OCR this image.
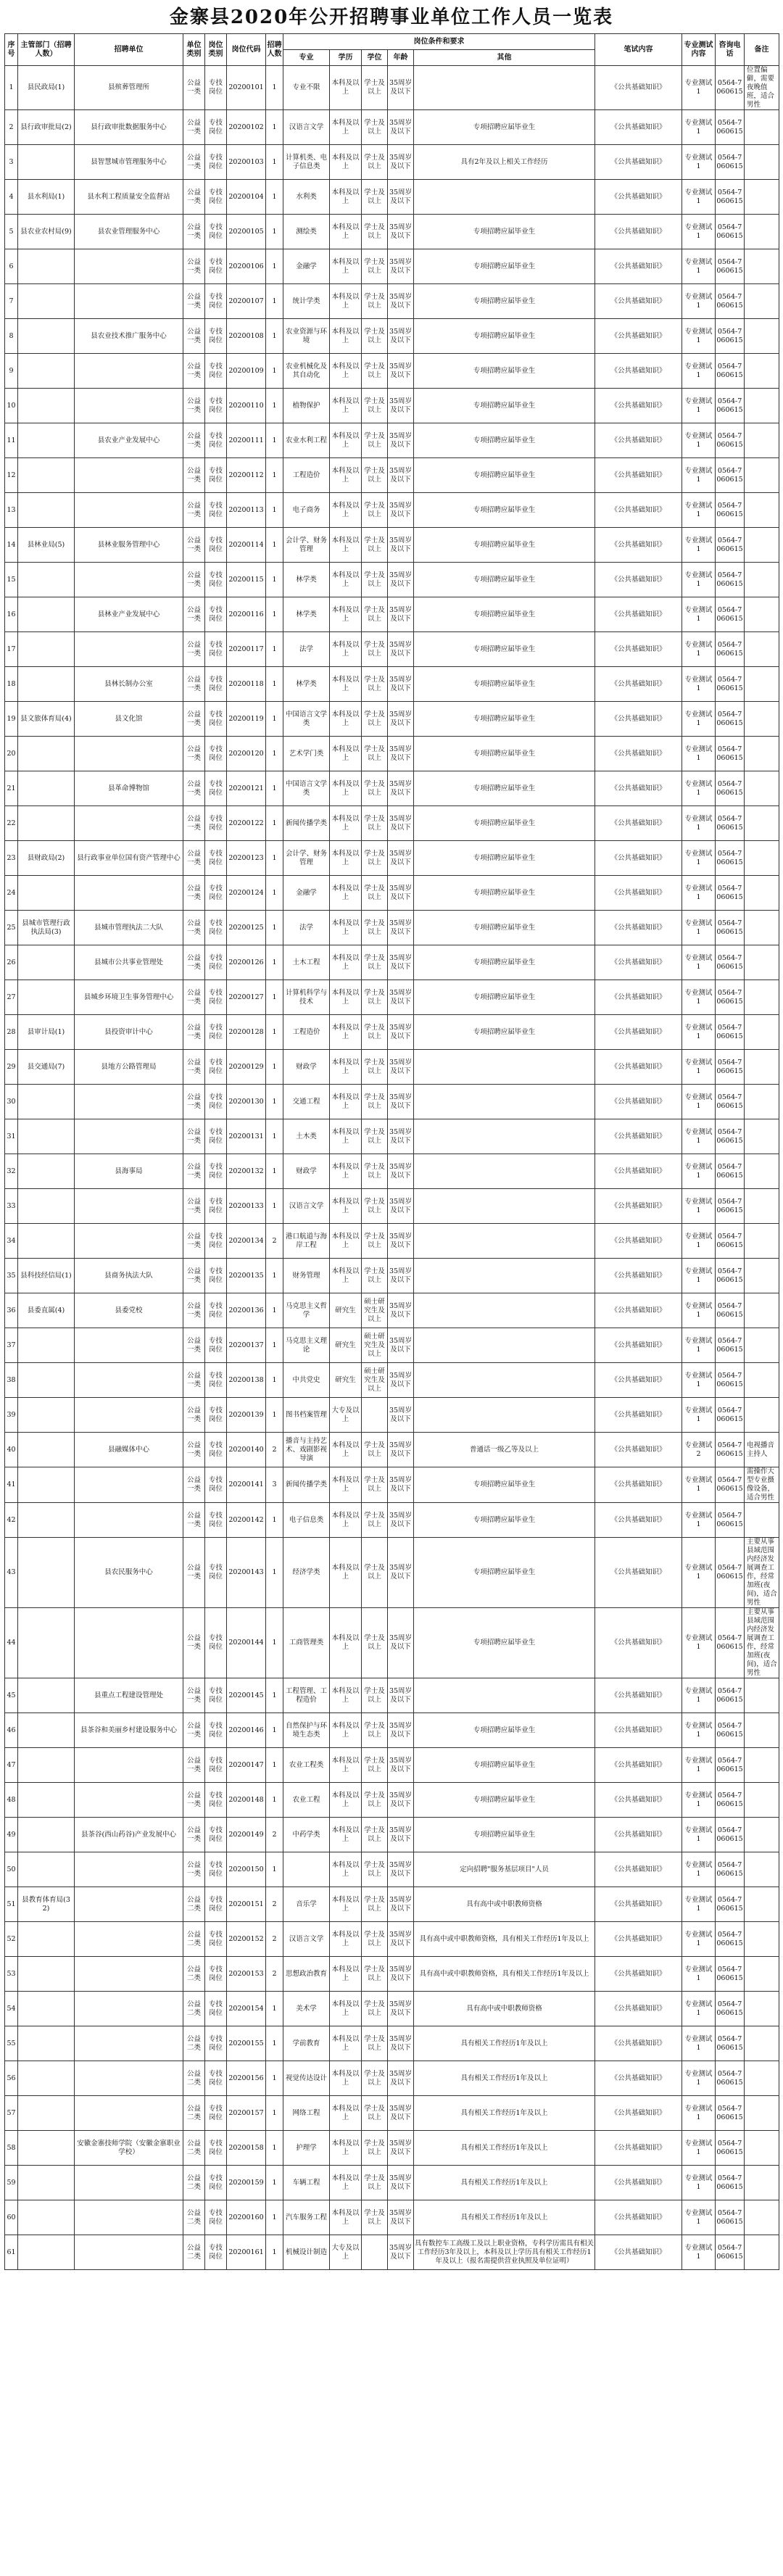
金寨县2020年公开招聘事业单位工作人员一览表
序号	主管部门（招聘人数）	招聘单位	单位类别	岗位类别	岗位代码	招聘人数	岗位条件和要求					笔试内容	专业测试内容	咨询电话	备注
							专业	学历	学位	年龄	其他				
1	县民政局(1)	县殡葬管理所	公益一类	专技岗位	20200101	1	专业不限	本科及以上	学士及以上	35周岁及以下		《公共基础知识》	专业测试1	0564-7060615	位置偏僻，需要夜晚值班，适合男性
2	县行政审批局(2)	县行政审批数据服务中心	公益一类	专技岗位	20200102	1	汉语言文学	本科及以上	学士及以上	35周岁及以下	专项招聘应届毕业生	《公共基础知识》	专业测试1	0564-7060615	
3		县智慧城市管理服务中心	公益一类	专技岗位	20200103	1	计算机类、电子信息类	本科及以上	学士及以上	35周岁及以下	具有2年及以上相关工作经历	《公共基础知识》	专业测试1	0564-7060615	
4	县水利局(1)	县水利工程质量安全监督站	公益一类	专技岗位	20200104	1	水利类	本科及以上	学士及以上	35周岁及以下		《公共基础知识》	专业测试1	0564-7060615	
5	县农业农村局(9)	县农业管理服务中心	公益一类	专技岗位	20200105	1	测绘类	本科及以上	学士及以上	35周岁及以下	专项招聘应届毕业生	《公共基础知识》	专业测试1	0564-7060615	
6			公益一类	专技岗位	20200106	1	金融学	本科及以上	学士及以上	35周岁及以下	专项招聘应届毕业生	《公共基础知识》	专业测试1	0564-7060615	
7			公益一类	专技岗位	20200107	1	统计学类	本科及以上	学士及以上	35周岁及以下	专项招聘应届毕业生	《公共基础知识》	专业测试1	0564-7060615	
8		县农业技术推广服务中心	公益一类	专技岗位	20200108	1	农业资源与环境	本科及以上	学士及以上	35周岁及以下	专项招聘应届毕业生	《公共基础知识》	专业测试1	0564-7060615	
9			公益一类	专技岗位	20200109	1	农业机械化及其自动化	本科及以上	学士及以上	35周岁及以下	专项招聘应届毕业生	《公共基础知识》	专业测试1	0564-7060615	
10			公益一类	专技岗位	20200110	1	植物保护	本科及以上	学士及以上	35周岁及以下	专项招聘应届毕业生	《公共基础知识》	专业测试1	0564-7060615	
11		县农业产业发展中心	公益一类	专技岗位	20200111	1	农业水利工程	本科及以上	学士及以上	35周岁及以下	专项招聘应届毕业生	《公共基础知识》	专业测试1	0564-7060615	
12			公益一类	专技岗位	20200112	1	工程造价	本科及以上	学士及以上	35周岁及以下	专项招聘应届毕业生	《公共基础知识》	专业测试1	0564-7060615	
13			公益一类	专技岗位	20200113	1	电子商务	本科及以上	学士及以上	35周岁及以下	专项招聘应届毕业生	《公共基础知识》	专业测试1	0564-7060615	
14	县林业局(5)	县林业服务管理中心	公益一类	专技岗位	20200114	1	会计学、财务管理	本科及以上	学士及以上	35周岁及以下	专项招聘应届毕业生	《公共基础知识》	专业测试1	0564-7060615	
15			公益一类	专技岗位	20200115	1	林学类	本科及以上	学士及以上	35周岁及以下	专项招聘应届毕业生	《公共基础知识》	专业测试1	0564-7060615	
16		县林业产业发展中心	公益一类	专技岗位	20200116	1	林学类	本科及以上	学士及以上	35周岁及以下	专项招聘应届毕业生	《公共基础知识》	专业测试1	0564-7060615	
17			公益一类	专技岗位	20200117	1	法学	本科及以上	学士及以上	35周岁及以下	专项招聘应届毕业生	《公共基础知识》	专业测试1	0564-7060615	
18		县林长制办公室	公益一类	专技岗位	20200118	1	林学类	本科及以上	学士及以上	35周岁及以下	专项招聘应届毕业生	《公共基础知识》	专业测试1	0564-7060615	
19	县文旅体育局(4)	县文化馆	公益一类	专技岗位	20200119	1	中国语言文学类	本科及以上	学士及以上	35周岁及以下	专项招聘应届毕业生	《公共基础知识》	专业测试1	0564-7060615	
20			公益一类	专技岗位	20200120	1	艺术学门类	本科及以上	学士及以上	35周岁及以下	专项招聘应届毕业生	《公共基础知识》	专业测试1	0564-7060615	
21		县革命博物馆	公益一类	专技岗位	20200121	1	中国语言文学类	本科及以上	学士及以上	35周岁及以下	专项招聘应届毕业生	《公共基础知识》	专业测试1	0564-7060615	
22			公益一类	专技岗位	20200122	1	新闻传播学类	本科及以上	学士及以上	35周岁及以下	专项招聘应届毕业生	《公共基础知识》	专业测试1	0564-7060615	
23	县财政局(2)	县行政事业单位国有资产管理中心	公益一类	专技岗位	20200123	1	会计学、财务管理	本科及以上	学士及以上	35周岁及以下	专项招聘应届毕业生	《公共基础知识》	专业测试1	0564-7060615	
24			公益一类	专技岗位	20200124	1	金融学	本科及以上	学士及以上	35周岁及以下	专项招聘应届毕业生	《公共基础知识》	专业测试1	0564-7060615	
25	县城市管理行政执法局(3)	县城市管理执法二大队	公益一类	专技岗位	20200125	1	法学	本科及以上	学士及以上	35周岁及以下	专项招聘应届毕业生	《公共基础知识》	专业测试1	0564-7060615	
26		县城市公共事业管理处	公益一类	专技岗位	20200126	1	土木工程	本科及以上	学士及以上	35周岁及以下	专项招聘应届毕业生	《公共基础知识》	专业测试1	0564-7060615	
27		县城乡环境卫生事务管理中心	公益一类	专技岗位	20200127	1	计算机科学与技术	本科及以上	学士及以上	35周岁及以下	专项招聘应届毕业生	《公共基础知识》	专业测试1	0564-7060615	
28	县审计局(1)	县投资审计中心	公益一类	专技岗位	20200128	1	工程造价	本科及以上	学士及以上	35周岁及以下	专项招聘应届毕业生	《公共基础知识》	专业测试1	0564-7060615	
29	县交通局(7)	县地方公路管理局	公益一类	专技岗位	20200129	1	财政学	本科及以上	学士及以上	35周岁及以下		《公共基础知识》	专业测试1	0564-7060615	
30			公益一类	专技岗位	20200130	1	交通工程	本科及以上	学士及以上	35周岁及以下		《公共基础知识》	专业测试1	0564-7060615	
31			公益一类	专技岗位	20200131	1	土木类	本科及以上	学士及以上	35周岁及以下		《公共基础知识》	专业测试1	0564-7060615	
32		县海事局	公益一类	专技岗位	20200132	1	财政学	本科及以上	学士及以上	35周岁及以下		《公共基础知识》	专业测试1	0564-7060615	
33			公益一类	专技岗位	20200133	1	汉语言文学	本科及以上	学士及以上	35周岁及以下		《公共基础知识》	专业测试1	0564-7060615	
34			公益一类	专技岗位	20200134	2	港口航道与海岸工程	本科及以上	学士及以上	35周岁及以下		《公共基础知识》	专业测试1	0564-7060615	
35	县科技经信局(1)	县商务执法大队	公益一类	专技岗位	20200135	1	财务管理	本科及以上	学士及以上	35周岁及以下		《公共基础知识》	专业测试1	0564-7060615	
36	县委直属(4)	县委党校	公益一类	专技岗位	20200136	1	马克思主义哲学	研究生	硕士研究生及以上	35周岁及以下		《公共基础知识》	专业测试1	0564-7060615	
37			公益一类	专技岗位	20200137	1	马克思主义理论	研究生	硕士研究生及以上	35周岁及以下		《公共基础知识》	专业测试1	0564-7060615	
38			公益一类	专技岗位	20200138	1	中共党史	研究生	硕士研究生及以上	35周岁及以下		《公共基础知识》	专业测试1	0564-7060615	
39			公益一类	专技岗位	20200139	1	图书档案管理	大专及以上		35周岁及以下		《公共基础知识》	专业测试1	0564-7060615	
40		县融媒体中心	公益一类	专技岗位	20200140	2	播音与主持艺术、戏剧影视导演	本科及以上	学士及以上	35周岁及以下	普通话一级乙等及以上	《公共基础知识》	专业测试2	0564-7060615	电视播音主持人
41			公益一类	专技岗位	20200141	3	新闻传播学类	本科及以上	学士及以上	35周岁及以下	专项招聘应届毕业生	《公共基础知识》	专业测试1	0564-7060615	需操作大型专业摄像设备，适合男性
42			公益一类	专技岗位	20200142	1	电子信息类	本科及以上	学士及以上	35周岁及以下	专项招聘应届毕业生	《公共基础知识》	专业测试1	0564-7060615	
43		县农民服务中心	公益一类	专技岗位	20200143	1	经济学类	本科及以上	学士及以上	35周岁及以下	专项招聘应届毕业生	《公共基础知识》	专业测试1	0564-7060615	主要从事县域范围内经济发展调查工作，经常加班(夜间)，适合男性
44			公益一类	专技岗位	20200144	1	工商管理类	本科及以上	学士及以上	35周岁及以下	专项招聘应届毕业生	《公共基础知识》	专业测试1	0564-7060615	主要从事县域范围内经济发展调查工作，经常加班(夜间)，适合男性
45		县重点工程建设管理处	公益一类	专技岗位	20200145	1	工程管理、工程造价	本科及以上	学士及以上	35周岁及以下		《公共基础知识》	专业测试1	0564-7060615	
46		县茶谷和美丽乡村建设服务中心	公益一类	专技岗位	20200146	1	自然保护与环境生态类	本科及以上	学士及以上	35周岁及以下	专项招聘应届毕业生	《公共基础知识》	专业测试1	0564-7060615	
47			公益一类	专技岗位	20200147	1	农业工程类	本科及以上	学士及以上	35周岁及以下	专项招聘应届毕业生	《公共基础知识》	专业测试1	0564-7060615	
48			公益一类	专技岗位	20200148	1	农业工程	本科及以上	学士及以上	35周岁及以下	专项招聘应届毕业生	《公共基础知识》	专业测试1	0564-7060615	
49		县茶谷(西山药谷)产业发展中心	公益一类	专技岗位	20200149	2	中药学类	本科及以上	学士及以上	35周岁及以下	专项招聘应届毕业生	《公共基础知识》	专业测试1	0564-7060615	
50			公益一类	专技岗位	20200150	1		本科及以上	学士及以上	35周岁及以下	定向招聘"服务基层项目"人员	《公共基础知识》	专业测试1	0564-7060615	
51	县教育体育局(32)		公益二类	专技岗位	20200151	2	音乐学	本科及以上	学士及以上	35周岁及以下	具有高中或中职教师资格	《公共基础知识》	专业测试1	0564-7060615	
52			公益二类	专技岗位	20200152	2	汉语言文学	本科及以上	学士及以上	35周岁及以下	具有高中或中职教师资格，具有相关工作经历1年及以上	《公共基础知识》	专业测试1	0564-7060615	
53			公益二类	专技岗位	20200153	2	思想政治教育	本科及以上	学士及以上	35周岁及以下	具有高中或中职教师资格，具有相关工作经历1年及以上	《公共基础知识》	专业测试1	0564-7060615	
54			公益二类	专技岗位	20200154	1	美术学	本科及以上	学士及以上	35周岁及以下	具有高中或中职教师资格	《公共基础知识》	专业测试1	0564-7060615	
55			公益二类	专技岗位	20200155	1	学前教育	本科及以上	学士及以上	35周岁及以下	具有相关工作经历1年及以上	《公共基础知识》	专业测试1	0564-7060615	
56			公益二类	专技岗位	20200156	1	视觉传达设计	本科及以上	学士及以上	35周岁及以下	具有相关工作经历1年及以上	《公共基础知识》	专业测试1	0564-7060615	
57			公益二类	专技岗位	20200157	1	网络工程	本科及以上	学士及以上	35周岁及以下	具有相关工作经历1年及以上	《公共基础知识》	专业测试1	0564-7060615	
58		安徽金寨技师学院（安徽金寨职业学校）	公益二类	专技岗位	20200158	1	护理学	本科及以上	学士及以上	35周岁及以下	具有相关工作经历1年及以上	《公共基础知识》	专业测试1	0564-7060615	
59			公益二类	专技岗位	20200159	1	车辆工程	本科及以上	学士及以上	35周岁及以下	具有相关工作经历1年及以上	《公共基础知识》	专业测试1	0564-7060615	
60			公益二类	专技岗位	20200160	1	汽车服务工程	本科及以上	学士及以上	35周岁及以下	具有相关工作经历1年及以上	《公共基础知识》	专业测试1	0564-7060615	
61			公益二类	专技岗位	20200161	1	机械设计制造	大专及以上		35周岁及以下	具有数控车工高级工及以上职业资格，专科学历需具有相关工作经历3年及以上，本科及以上学历具有相关工作经历1年及以上（报名需提供营业执照及单位证明）	《公共基础知识》	专业测试1	0564-7060615	
